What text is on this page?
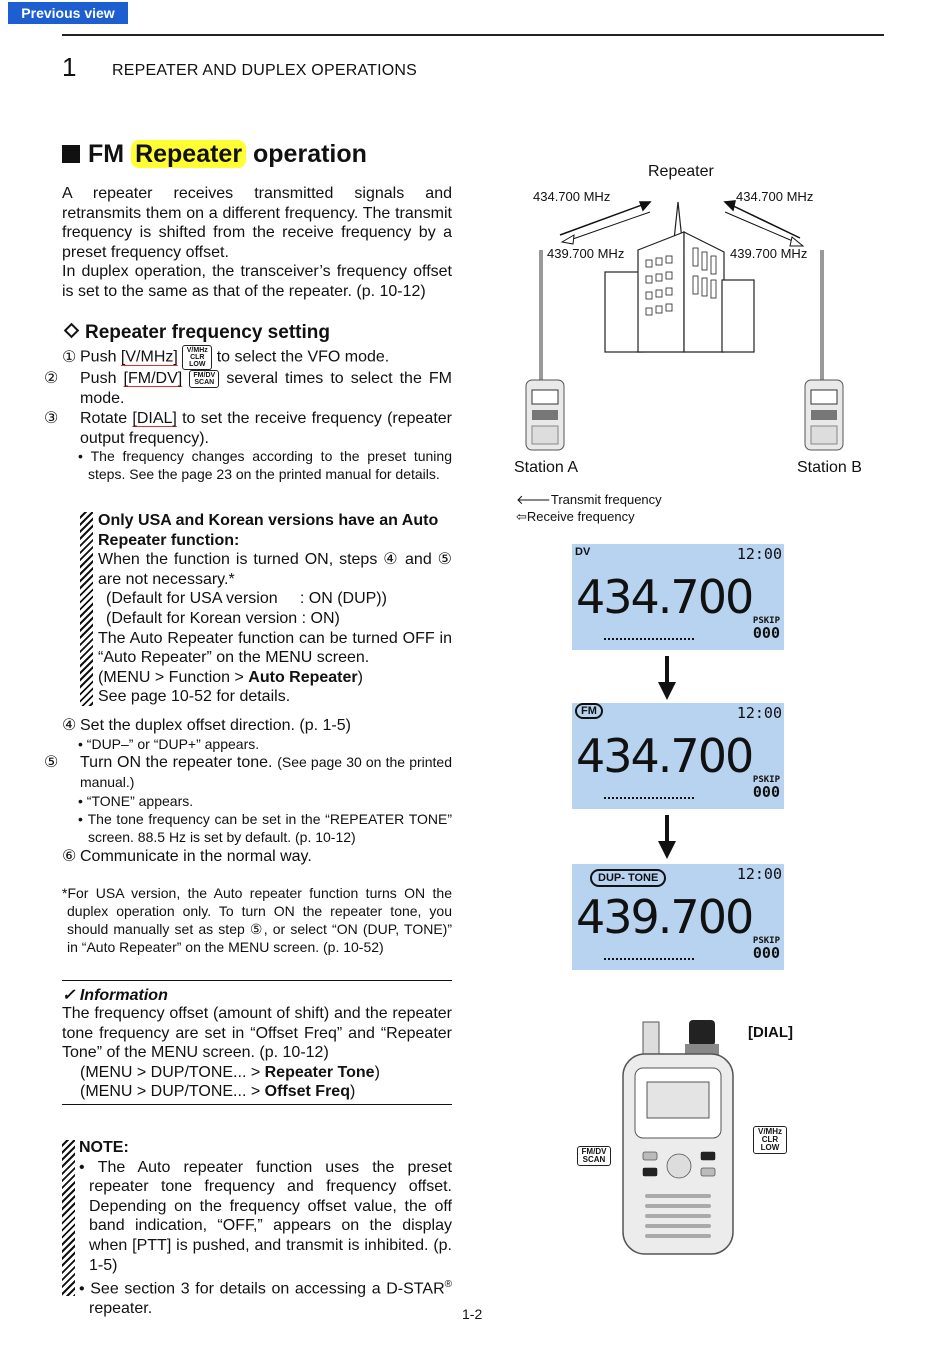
Previous view
1 REPEATER AND DUPLEX OPERATIONS
FM Repeater operation
A repeater receives transmitted signals and retransmits them on a different frequency. The transmit frequency is shifted from the receive frequency by a preset frequency offset.
In duplex operation, the transceiver’s frequency offset is set to the same as that of the repeater. (p. 10-12)
Repeater frequency setting
① Push [V/MHz] V/MHz CLR LOW to select the VFO mode.
② Push [FM/DV] FM/DV SCAN several times to select the FM mode.
③ Rotate [DIAL] to set the receive frequency (repeater output frequency).
• The frequency changes according to the preset tuning steps. See the page 23 on the printed manual for details.
Only USA and Korean versions have an Auto Repeater function:
When the function is turned ON, steps ④ and ⑤ are not necessary.*
(Default for USA version     : ON (DUP))
(Default for Korean version : ON)
The Auto Repeater function can be turned OFF in “Auto Repeater” on the MENU screen.
(MENU > Function > Auto Repeater)
See page 10-52 for details.
④ Set the duplex offset direction. (p. 1-5)
• “DUP–” or “DUP+” appears.
⑤ Turn ON the repeater tone. (See page 30 on the printed manual.)
• “TONE” appears.
• The tone frequency can be set in the “REPEATER TONE” screen. 88.5 Hz is set by default. (p. 10-12)
⑥ Communicate in the normal way.
*For USA version, the Auto repeater function turns ON the duplex operation only. To turn ON the repeater tone, you should manually set as step ⑤, or select “ON (DUP, TONE)” in “Auto Repeater” on the MENU screen. (p. 10-52)
✓ Information
The frequency offset (amount of shift) and the repeater tone frequency are set in “Offset Freq” and “Repeater Tone” of the MENU screen. (p. 10-12)
(MENU > DUP/TONE... > Repeater Tone)
(MENU > DUP/TONE... > Offset Freq)
NOTE:
• The Auto repeater function uses the preset repeater tone frequency and frequency offset. Depending on the frequency offset value, the off band indication, “OFF,” appears on the display when [PTT] is pushed, and transmit is inhibited. (p. 1-5)
• See section 3 for details on accessing a D-STAR® repeater.
Repeater
434.700 MHz	434.700 MHz
439.700 MHz	439.700 MHz
Station A	Station B
🡐Transmit frequency
⇦Receive frequency
DV	12:00
434.700 PSKIP
000
FM	12:00
434.700 PSKIP
000
DUP- TONE	12:00
439.700 PSKIP
000
[DIAL]
V/MHz CLR LOW
FM/DV SCAN
1-2
